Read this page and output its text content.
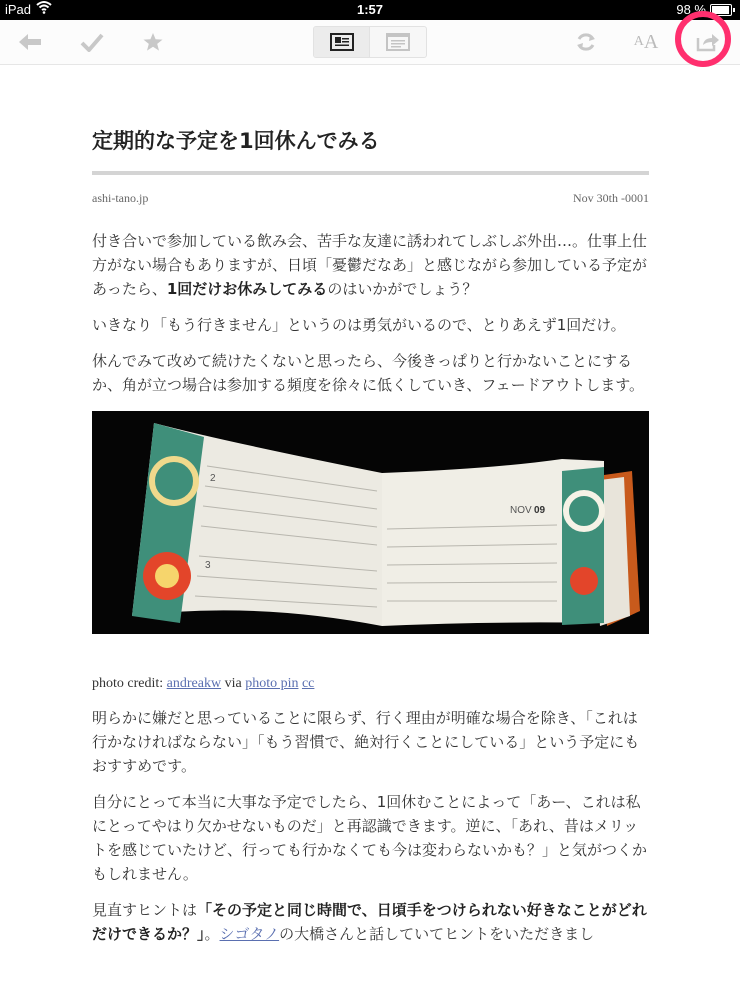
iPad	1:57	98 %
A A
定期的な予定を1回休んでみる
ashi-tano.jp	Nov 30th -0001

付き合いで参加している飲み会、苦手な友達に誘われてしぶしぶ外出…。仕事上仕方がない場合もありますが、日頃「憂鬱だなあ」と感じながら参加している予定があったら、1回だけお休みしてみるのはいかがでしょう？

いきなり「もう行きません」というのは勇気がいるので、とりあえず1回だけ。

休んでみて改めて続けたくないと思ったら、今後きっぱりと行かないことにするか、角が立つ場合は参加する頻度を徐々に低くしていき、フェードアウトします。

2
3
NOV 09

photo credit: andreakw via photo pin cc

明らかに嫌だと思っていることに限らず、行く理由が明確な場合を除き、「これは行かなければならない」「もう習慣で、絶対行くことにしている」という予定にもおすすめです。

自分にとって本当に大事な予定でしたら、1回休むことによって「あー、これは私にとってやはり欠かせないものだ」と再認識できます。逆に、「あれ、昔はメリットを感じていたけど、行っても行かなくても今は変わらないかも？」と気がつくかもしれません。

見直すヒントは「その予定と同じ時間で、日頃手をつけられない好きなことがどれだけできるか？」。シゴタノの大橋さんと話していてヒントをいただきまし
